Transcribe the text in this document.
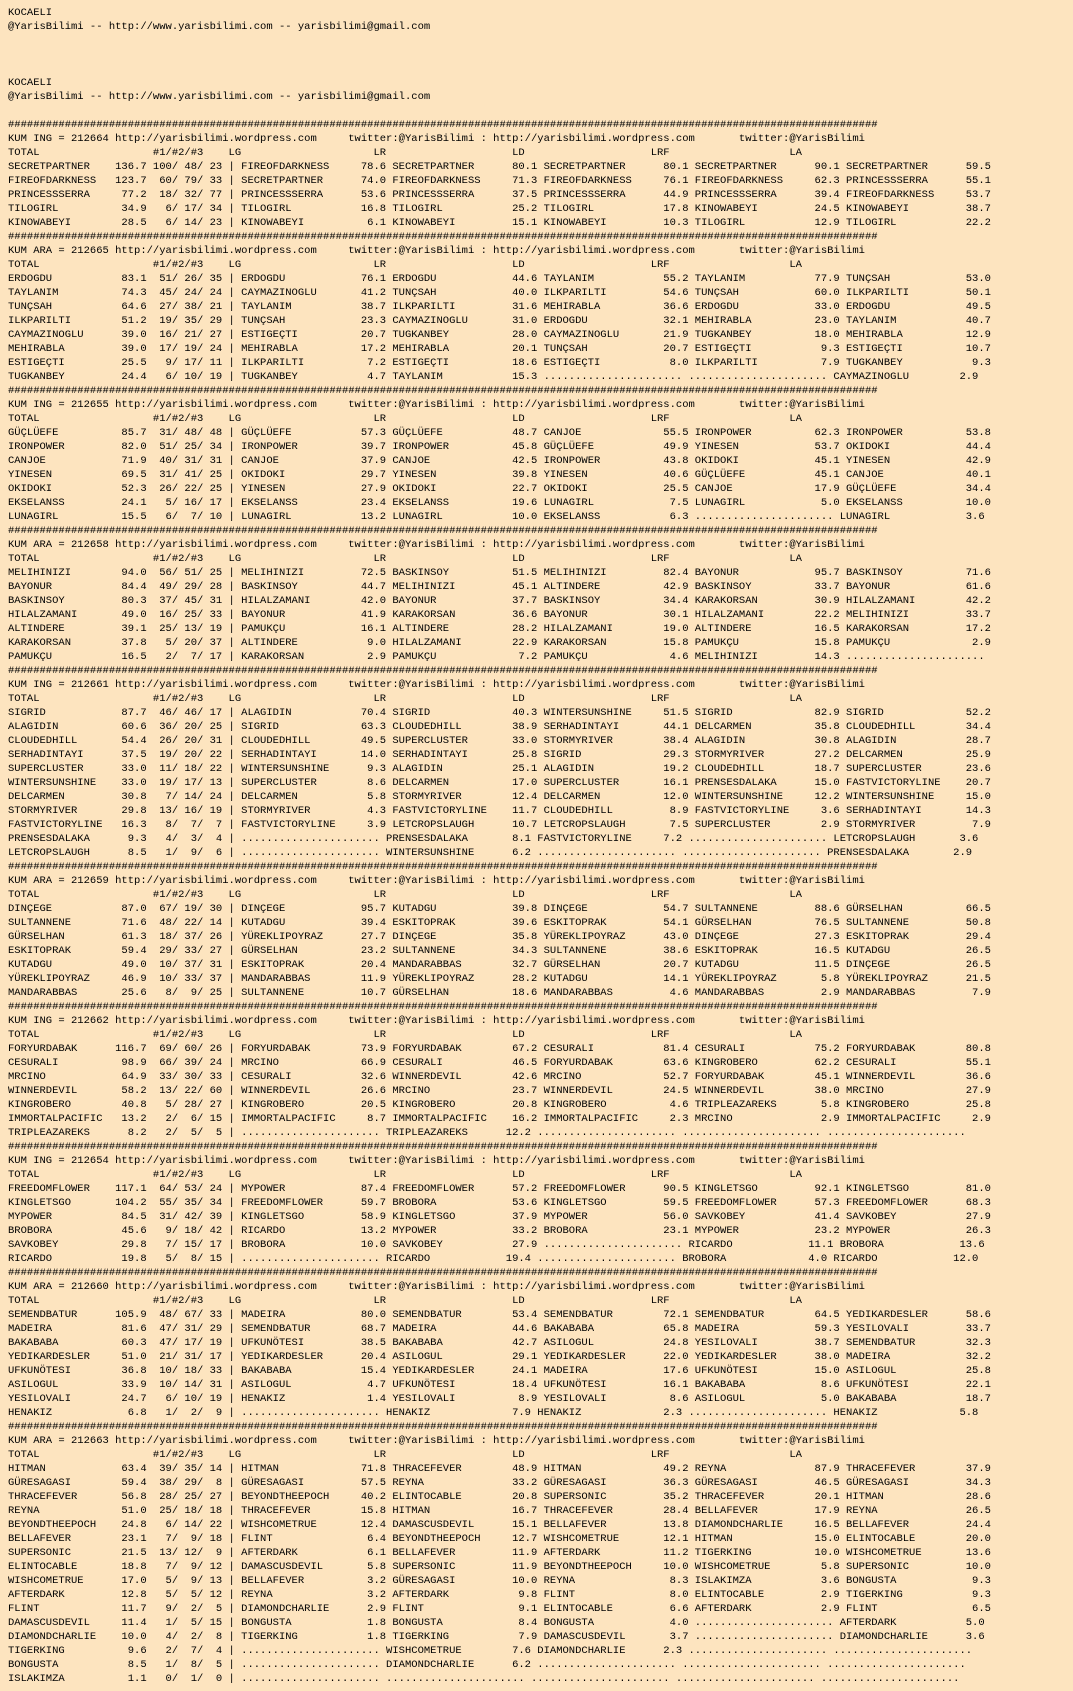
KOCAELI
@YarisBilimi -- http://www.yarisbilimi.com -- yarisbilimi@gmail.com
KOCAELI
@YarisBilimi -- http://www.yarisbilimi.com -- yarisbilimi@gmail.com
##########################################################################################################################################
KUM ING = 212664 http://yarisbilimi.wordpress.com     twitter:@YarisBilimi : http://yarisbilimi.wordpress.com       twitter:@YarisBilimi
TOTAL                  #1/#2/#3    LG                     LR                    LD                    LRF                   LA
SECRETPARTNER    136.7 100/ 48/ 23 | FIREOFDARKNESS     78.6 SECRETPARTNER      80.1 SECRETPARTNER      80.1 SECRETPARTNER      90.1 SECRETPARTNER      59.5
FIREOFDARKNESS   123.7  60/ 79/ 33 | SECRETPARTNER      74.0 FIREOFDARKNESS     71.3 FIREOFDARKNESS     76.1 FIREOFDARKNESS     62.3 PRINCESSSERRA      55.1
PRINCESSSERRA     77.2  18/ 32/ 77 | PRINCESSSERRA      53.6 PRINCESSSERRA      37.5 PRINCESSSERRA      44.9 PRINCESSSERRA      39.4 FIREOFDARKNESS     53.7
TILOGIRL          34.9   6/ 17/ 34 | TILOGIRL           16.8 TILOGIRL           25.2 TILOGIRL           17.8 KINOWABEYI         24.5 KINOWABEYI         38.7
KINOWABEYI        28.5   6/ 14/ 23 | KINOWABEYI          6.1 KINOWABEYI         15.1 KINOWABEYI         10.3 TILOGIRL           12.9 TILOGIRL           22.2
##########################################################################################################################################
KUM ARA = 212665 http://yarisbilimi.wordpress.com     twitter:@YarisBilimi : http://yarisbilimi.wordpress.com       twitter:@YarisBilimi
TOTAL                  #1/#2/#3    LG                     LR                    LD                    LRF                   LA
ERDOGDU           83.1  51/ 26/ 35 | ERDOGDU            76.1 ERDOGDU            44.6 TAYLANIM           55.2 TAYLANIM           77.9 TUNÇSAH            53.0
TAYLANIM          74.3  45/ 24/ 24 | CAYMAZINOGLU       41.2 TUNÇSAH            40.0 ILKPARILTI         54.6 TUNÇSAH            60.0 ILKPARILTI         50.1
TUNÇSAH           64.6  27/ 38/ 21 | TAYLANIM           38.7 ILKPARILTI         31.6 MEHIRABLA          36.6 ERDOGDU            33.0 ERDOGDU            49.5
ILKPARILTI        51.2  19/ 35/ 29 | TUNÇSAH            23.3 CAYMAZINOGLU       31.0 ERDOGDU            32.1 MEHIRABLA          23.0 TAYLANIM           40.7
CAYMAZINOGLU      39.0  16/ 21/ 27 | ESTIGEÇTI          20.7 TUGKANBEY          28.0 CAYMAZINOGLU       21.9 TUGKANBEY          18.0 MEHIRABLA          12.9
MEHIRABLA         39.0  17/ 19/ 24 | MEHIRABLA          17.2 MEHIRABLA          20.1 TUNÇSAH            20.7 ESTIGEÇTI           9.3 ESTIGEÇTI          10.7
ESTIGEÇTI         25.5   9/ 17/ 11 | ILKPARILTI          7.2 ESTIGEÇTI          18.6 ESTIGEÇTI           8.0 ILKPARILTI          7.9 TUGKANBEY           9.3
TUGKANBEY         24.4   6/ 10/ 19 | TUGKANBEY           4.7 TAYLANIM           15.3 ...................... ...................... CAYMAZINOGLU        2.9
##########################################################################################################################################
KUM ING = 212655 http://yarisbilimi.wordpress.com     twitter:@YarisBilimi : http://yarisbilimi.wordpress.com       twitter:@YarisBilimi
TOTAL                  #1/#2/#3    LG                     LR                    LD                    LRF                   LA
GÜÇLÜEFE          85.7  31/ 48/ 48 | GÜÇLÜEFE           57.3 GÜÇLÜEFE           48.7 CANJOE             55.5 IRONPOWER          62.3 IRONPOWER          53.8
IRONPOWER         82.0  51/ 25/ 34 | IRONPOWER          39.7 IRONPOWER          45.8 GÜÇLÜEFE           49.9 YINESEN            53.7 OKIDOKI            44.4
CANJOE            71.9  40/ 31/ 31 | CANJOE             37.9 CANJOE             42.5 IRONPOWER          43.8 OKIDOKI            45.1 YINESEN            42.9
YINESEN           69.5  31/ 41/ 25 | OKIDOKI            29.7 YINESEN            39.8 YINESEN            40.6 GÜÇLÜEFE           45.1 CANJOE             40.1
OKIDOKI           52.3  26/ 22/ 25 | YINESEN            27.9 OKIDOKI            22.7 OKIDOKI            25.5 CANJOE             17.9 GÜÇLÜEFE           34.4
EKSELANSS         24.1   5/ 16/ 17 | EKSELANSS          23.4 EKSELANSS          19.6 LUNAGIRL            7.5 LUNAGIRL            5.0 EKSELANSS          10.0
LUNAGIRL          15.5   6/  7/ 10 | LUNAGIRL           13.2 LUNAGIRL           10.0 EKSELANSS           6.3 ...................... LUNAGIRL            3.6
##########################################################################################################################################
KUM ARA = 212658 http://yarisbilimi.wordpress.com     twitter:@YarisBilimi : http://yarisbilimi.wordpress.com       twitter:@YarisBilimi
TOTAL                  #1/#2/#3    LG                     LR                    LD                    LRF                   LA
MELIHINIZI        94.0  56/ 51/ 25 | MELIHINIZI         72.5 BASKINSOY          51.5 MELIHINIZI         82.4 BAYONUR            95.7 BASKINSOY          71.6
BAYONUR           84.4  49/ 29/ 28 | BASKINSOY          44.7 MELIHINIZI         45.1 ALTINDERE          42.9 BASKINSOY          33.7 BAYONUR            61.6
BASKINSOY         80.3  37/ 45/ 31 | HILALZAMANI        42.0 BAYONUR            37.7 BASKINSOY          34.4 KARAKORSAN         30.9 HILALZAMANI        42.2
HILALZAMANI       49.0  16/ 25/ 33 | BAYONUR            41.9 KARAKORSAN         36.6 BAYONUR            30.1 HILALZAMANI        22.2 MELIHINIZI         33.7
ALTINDERE         39.1  25/ 13/ 19 | PAMUKÇU            16.1 ALTINDERE          28.2 HILALZAMANI        19.0 ALTINDERE          16.5 KARAKORSAN         17.2
KARAKORSAN        37.8   5/ 20/ 37 | ALTINDERE           9.0 HILALZAMANI        22.9 KARAKORSAN         15.8 PAMUKÇU            15.8 PAMUKÇU             2.9
PAMUKÇU           16.5   2/  7/ 17 | KARAKORSAN          2.9 PAMUKÇU             7.2 PAMUKÇU             4.6 MELIHINIZI         14.3 ......................
##########################################################################################################################################
KUM ING = 212661 http://yarisbilimi.wordpress.com     twitter:@YarisBilimi : http://yarisbilimi.wordpress.com       twitter:@YarisBilimi
TOTAL                  #1/#2/#3    LG                     LR                    LD                    LRF                   LA
SIGRID            87.7  46/ 46/ 17 | ALAGIDIN           70.4 SIGRID             40.3 WINTERSUNSHINE     51.5 SIGRID             82.9 SIGRID             52.2
ALAGIDIN          60.6  36/ 20/ 25 | SIGRID             63.3 CLOUDEDHILL        38.9 SERHADINTAYI       44.1 DELCARMEN          35.8 CLOUDEDHILL        34.4
CLOUDEDHILL       54.4  26/ 20/ 31 | CLOUDEDHILL        49.5 SUPERCLUSTER       33.0 STORMYRIVER        38.4 ALAGIDIN           30.8 ALAGIDIN           28.7
SERHADINTAYI      37.5  19/ 20/ 22 | SERHADINTAYI       14.0 SERHADINTAYI       25.8 SIGRID             29.3 STORMYRIVER        27.2 DELCARMEN          25.9
SUPERCLUSTER      33.0  11/ 18/ 22 | WINTERSUNSHINE      9.3 ALAGIDIN           25.1 ALAGIDIN           19.2 CLOUDEDHILL        18.7 SUPERCLUSTER       23.6
WINTERSUNSHINE    33.0  19/ 17/ 13 | SUPERCLUSTER        8.6 DELCARMEN          17.0 SUPERCLUSTER       16.1 PRENSESDALAKA      15.0 FASTVICTORYLINE    20.7
DELCARMEN         30.8   7/ 14/ 24 | DELCARMEN           5.8 STORMYRIVER        12.4 DELCARMEN          12.0 WINTERSUNSHINE     12.2 WINTERSUNSHINE     15.0
STORMYRIVER       29.8  13/ 16/ 19 | STORMYRIVER         4.3 FASTVICTORYLINE    11.7 CLOUDEDHILL         8.9 FASTVICTORYLINE     3.6 SERHADINTAYI       14.3
FASTVICTORYLINE   16.3   8/  7/  7 | FASTVICTORYLINE     3.9 LETCROPSLAUGH      10.7 LETCROPSLAUGH       7.5 SUPERCLUSTER        2.9 STORMYRIVER         7.9
PRENSESDALAKA      9.3   4/  3/  4 | ...................... PRENSESDALAKA       8.1 FASTVICTORYLINE     7.2 ...................... LETCROPSLAUGH       3.6
LETCROPSLAUGH      8.5   1/  9/  6 | ...................... WINTERSUNSHINE      6.2 ...................... ...................... PRENSESDALAKA       2.9
##########################################################################################################################################
KUM ARA = 212659 http://yarisbilimi.wordpress.com     twitter:@YarisBilimi : http://yarisbilimi.wordpress.com       twitter:@YarisBilimi
TOTAL                  #1/#2/#3    LG                     LR                    LD                    LRF                   LA
DINÇEGE           87.0  67/ 19/ 30 | DINÇEGE            95.7 KUTADGU            39.8 DINÇEGE            54.7 SULTANNENE         88.6 GÜRSELHAN          66.5
SULTANNENE        71.6  48/ 22/ 14 | KUTADGU            39.4 ESKITOPRAK         39.6 ESKITOPRAK         54.1 GÜRSELHAN          76.5 SULTANNENE         50.8
GÜRSELHAN         61.3  18/ 37/ 26 | YÜREKLIPOYRAZ      27.7 DINÇEGE            35.8 YÜREKLIPOYRAZ      43.0 DINÇEGE            27.3 ESKITOPRAK         29.4
ESKITOPRAK        59.4  29/ 33/ 27 | GÜRSELHAN          23.2 SULTANNENE         34.3 SULTANNENE         38.6 ESKITOPRAK         16.5 KUTADGU            26.5
KUTADGU           49.0  10/ 37/ 31 | ESKITOPRAK         20.4 MANDARABBAS        32.7 GÜRSELHAN          20.7 KUTADGU            11.5 DINÇEGE            26.5
YÜREKLIPOYRAZ     46.9  10/ 33/ 37 | MANDARABBAS        11.9 YÜREKLIPOYRAZ      28.2 KUTADGU            14.1 YÜREKLIPOYRAZ       5.8 YÜREKLIPOYRAZ      21.5
MANDARABBAS       25.6   8/  9/ 25 | SULTANNENE         10.7 GÜRSELHAN          18.6 MANDARABBAS         4.6 MANDARABBAS         2.9 MANDARABBAS         7.9
##########################################################################################################################################
KUM ING = 212662 http://yarisbilimi.wordpress.com     twitter:@YarisBilimi : http://yarisbilimi.wordpress.com       twitter:@YarisBilimi
TOTAL                  #1/#2/#3    LG                     LR                    LD                    LRF                   LA
FORYURDABAK      116.7  69/ 60/ 26 | FORYURDABAK        73.9 FORYURDABAK        67.2 CESURALI           81.4 CESURALI           75.2 FORYURDABAK        80.8
CESURALI          98.9  66/ 39/ 24 | MRCINO             66.9 CESURALI           46.5 FORYURDABAK        63.6 KINGROBERO         62.2 CESURALI           55.1
MRCINO            64.9  33/ 30/ 33 | CESURALI           32.6 WINNERDEVIL        42.6 MRCINO             52.7 FORYURDABAK        45.1 WINNERDEVIL        36.6
WINNERDEVIL       58.2  13/ 22/ 60 | WINNERDEVIL        26.6 MRCINO             23.7 WINNERDEVIL        24.5 WINNERDEVIL        38.0 MRCINO             27.9
KINGROBERO        40.8   5/ 28/ 27 | KINGROBERO         20.5 KINGROBERO         20.8 KINGROBERO          4.6 TRIPLEAZAREKS       5.8 KINGROBERO         25.8
IMMORTALPACIFIC   13.2   2/  6/ 15 | IMMORTALPACIFIC     8.7 IMMORTALPACIFIC    16.2 IMMORTALPACIFIC     2.3 MRCINO              2.9 IMMORTALPACIFIC     2.9
TRIPLEAZAREKS      8.2   2/  5/  5 | ...................... TRIPLEAZAREKS      12.2 ...................... ...................... ......................
##########################################################################################################################################
KUM ING = 212654 http://yarisbilimi.wordpress.com     twitter:@YarisBilimi : http://yarisbilimi.wordpress.com       twitter:@YarisBilimi
TOTAL                  #1/#2/#3    LG                     LR                    LD                    LRF                   LA
FREEDOMFLOWER    117.1  64/ 53/ 24 | MYPOWER            87.4 FREEDOMFLOWER      57.2 FREEDOMFLOWER      90.5 KINGLETSGO         92.1 KINGLETSGO         81.0
KINGLETSGO       104.2  55/ 35/ 34 | FREEDOMFLOWER      59.7 BROBORA            53.6 KINGLETSGO         59.5 FREEDOMFLOWER      57.3 FREEDOMFLOWER      68.3
MYPOWER           84.5  31/ 42/ 39 | KINGLETSGO         58.9 KINGLETSGO         37.9 MYPOWER            56.0 SAVKOBEY           41.4 SAVKOBEY           27.9
BROBORA           45.6   9/ 18/ 42 | RICARDO            13.2 MYPOWER            33.2 BROBORA            23.1 MYPOWER            23.2 MYPOWER            26.3
SAVKOBEY          29.8   7/ 15/ 17 | BROBORA            10.0 SAVKOBEY           27.9 ...................... RICARDO            11.1 BROBORA            13.6
RICARDO           19.8   5/  8/ 15 | ...................... RICARDO            19.4 ...................... BROBORA             4.0 RICARDO            12.0
##########################################################################################################################################
KUM ARA = 212660 http://yarisbilimi.wordpress.com     twitter:@YarisBilimi : http://yarisbilimi.wordpress.com       twitter:@YarisBilimi
TOTAL                  #1/#2/#3    LG                     LR                    LD                    LRF                   LA
SEMENDBATUR      105.9  48/ 67/ 33 | MADEIRA            80.0 SEMENDBATUR        53.4 SEMENDBATUR        72.1 SEMENDBATUR        64.5 YEDIKARDESLER      58.6
MADEIRA           81.6  47/ 31/ 29 | SEMENDBATUR        68.7 MADEIRA            44.6 BAKABABA           65.8 MADEIRA            59.3 YESILOVALI         33.7
BAKABABA          60.3  47/ 17/ 19 | UFKUNÖTESI         38.5 BAKABABA           42.7 ASILOGUL           24.8 YESILOVALI         38.7 SEMENDBATUR        32.3
YEDIKARDESLER     51.0  21/ 31/ 17 | YEDIKARDESLER      20.4 ASILOGUL           29.1 YEDIKARDESLER      22.0 YEDIKARDESLER      38.0 MADEIRA            32.2
UFKUNÖTESI        36.8  10/ 18/ 33 | BAKABABA           15.4 YEDIKARDESLER      24.1 MADEIRA            17.6 UFKUNÖTESI         15.0 ASILOGUL           25.8
ASILOGUL          33.9  10/ 14/ 31 | ASILOGUL            4.7 UFKUNÖTESI         18.4 UFKUNÖTESI         16.1 BAKABABA            8.6 UFKUNÖTESI         22.1
YESILOVALI        24.7   6/ 10/ 19 | HENAKIZ             1.4 YESILOVALI          8.9 YESILOVALI          8.6 ASILOGUL            5.0 BAKABABA           18.7
HENAKIZ            6.8   1/  2/  9 | ...................... HENAKIZ             7.9 HENAKIZ             2.3 ...................... HENAKIZ             5.8
##########################################################################################################################################
KUM ARA = 212663 http://yarisbilimi.wordpress.com     twitter:@YarisBilimi : http://yarisbilimi.wordpress.com       twitter:@YarisBilimi
TOTAL                  #1/#2/#3    LG                     LR                    LD                    LRF                   LA
HITMAN            63.4  39/ 35/ 14 | HITMAN             71.8 THRACEFEVER        48.9 HITMAN             49.2 REYNA              87.9 THRACEFEVER        37.9
GÜRESAGASI        59.4  38/ 29/  8 | GÜRESAGASI         57.5 REYNA              33.2 GÜRESAGASI         36.3 GÜRESAGASI         46.5 GÜRESAGASI         34.3
THRACEFEVER       56.8  28/ 25/ 27 | BEYONDTHEEPOCH     40.2 ELINTOCABLE        20.8 SUPERSONIC         35.2 THRACEFEVER        20.1 HITMAN             28.6
REYNA             51.0  25/ 18/ 18 | THRACEFEVER        15.8 HITMAN             16.7 THRACEFEVER        28.4 BELLAFEVER         17.9 REYNA              26.5
BEYONDTHEEPOCH    24.8   6/ 14/ 22 | WISHCOMETRUE       12.4 DAMASCUSDEVIL      15.1 BELLAFEVER         13.8 DIAMONDCHARLIE     16.5 BELLAFEVER         24.4
BELLAFEVER        23.1   7/  9/ 18 | FLINT               6.4 BEYONDTHEEPOCH     12.7 WISHCOMETRUE       12.1 HITMAN             15.0 ELINTOCABLE        20.0
SUPERSONIC        21.5  13/ 12/  9 | AFTERDARK           6.1 BELLAFEVER         11.9 AFTERDARK          11.2 TIGERKING          10.0 WISHCOMETRUE       13.6
ELINTOCABLE       18.8   7/  9/ 12 | DAMASCUSDEVIL       5.8 SUPERSONIC         11.9 BEYONDTHEEPOCH     10.0 WISHCOMETRUE        5.8 SUPERSONIC         10.0
WISHCOMETRUE      17.0   5/  9/ 13 | BELLAFEVER          3.2 GÜRESAGASI         10.0 REYNA               8.3 ISLAKIMZA           3.6 BONGUSTA            9.3
AFTERDARK         12.8   5/  5/ 12 | REYNA               3.2 AFTERDARK           9.8 FLINT               8.0 ELINTOCABLE         2.9 TIGERKING           9.3
FLINT             11.7   9/  2/  5 | DIAMONDCHARLIE      2.9 FLINT               9.1 ELINTOCABLE         6.6 AFTERDARK           2.9 FLINT               6.5
DAMASCUSDEVIL     11.4   1/  5/ 15 | BONGUSTA            1.8 BONGUSTA            8.4 BONGUSTA            4.0 ...................... AFTERDARK           5.0
DIAMONDCHARLIE    10.0   4/  2/  8 | TIGERKING           1.8 TIGERKING           7.9 DAMASCUSDEVIL       3.7 ...................... DIAMONDCHARLIE      3.6
TIGERKING          9.6   2/  7/  4 | ...................... WISHCOMETRUE        7.6 DIAMONDCHARLIE      2.3 ...................... ......................
BONGUSTA           8.5   1/  8/  5 | ...................... DIAMONDCHARLIE      6.2 ...................... ...................... ......................
ISLAKIMZA          1.1   0/  1/  0 | ...................... ...................... ...................... ...................... ......................
